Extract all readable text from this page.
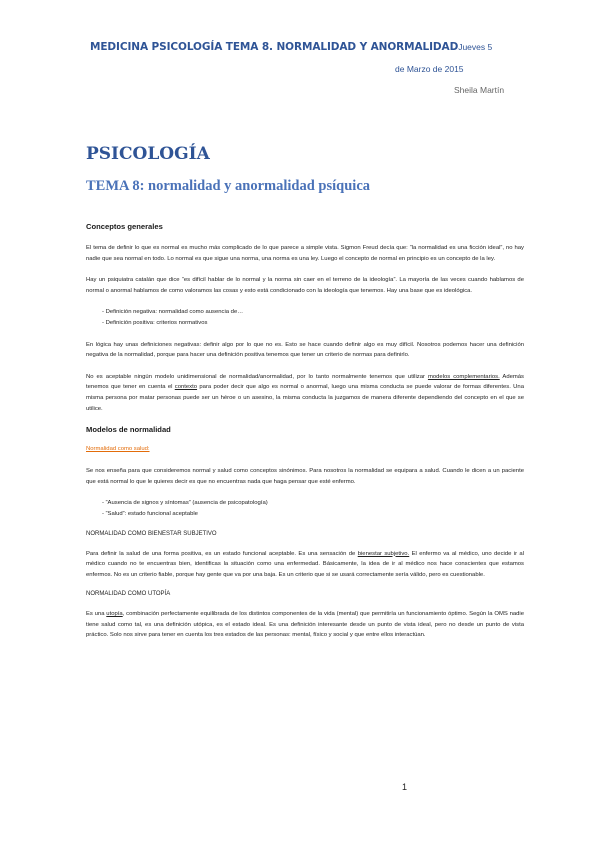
MEDICINA PSICOLOGÍA TEMA 8. NORMALIDAD Y ANORMALIDADJueves 5
de Marzo de 2015
Sheila Martín
PSICOLOGÍA
TEMA 8: normalidad y anormalidad psíquica
Conceptos generales

El tema de definir lo que es normal es mucho más complicado de lo que parece a simple vista. Sigmon Freud decía que: “la normalidad es una ficción ideal”, no hay nadie que sea normal en todo. Lo normal es que sigue una norma, una norma es una ley. Luego el concepto de normal en principio es un concepto de la ley.

Hay un psiquiatra catalán que dice “es difícil hablar de lo normal y la norma sin caer en el terreno de la ideología”. La mayoría de las veces cuando hablamos de normal o anormal hablamos de como valoramos las cosas y esto está condicionado con la ideología que tenemos. Hay una base que es ideológica.

- Definición negativa: normalidad como ausencia de…
- Definición positiva: criterios normativos

En lógica hay unas definiciones negativas: definir algo por lo que no es. Esto se hace cuando definir algo es muy difícil. Nosotros podemos hacer una definición negativa de la normalidad, porque para hacer una definición positiva tenemos que tener un criterio de normas para definirlo.

No es aceptable ningún modelo unidimensional de normalidad/anormalidad, por lo tanto normalmente tenemos que utilizar modelos complementarios. Además tenemos que tener en cuenta el contexto para poder decir que algo es normal o anormal, luego una misma conducta se puede valorar de formas diferentes. Una misma persona por matar personas puede ser un héroe o un asesino, la misma conducta la juzgamos de manera diferente dependiendo del concepto en el que se utilice.

Modelos de normalidad
Normalidad como salud:

Se nos enseña para que consideremos normal y salud como conceptos sinónimos. Para nosotros la normalidad se equipara a salud. Cuando le dicen a un paciente que está normal lo que le quieres decir es que no encuentras nada que haga pensar que esté enfermo.

- “Ausencia de signos y síntomas” (ausencia de psicopatología)
- “Salud”: estado funcional aceptable
NORMALIDAD COMO BIENESTAR SUBJETIVO

Para definir la salud de una forma positiva, es un estado funcional aceptable. Es una sensación de bienestar subjetivo. El enfermo va al médico, uno decide ir al médico cuando no te encuentras bien, identificas la situación como una enfermedad. Básicamente, la idea de ir al médico nos hace conscientes que estamos enfermos. No es un criterio fiable, porque hay gente que va por una baja. Es un criterio que si se usará correctamente sería válido, pero es cuestionable.

NORMALIDAD COMO UTOPÍA

Es una utopía, combinación perfectamente equilibrada de los distintos componentes de la vida (mental) que permitiría un funcionamiento óptimo. Según la OMS nadie tiene salud como tal, es una definición utópica, es el estado ideal. Es una definición interesante desde un punto de vista ideal, pero no desde un punto de vista práctico. Solo nos sirve para tener en cuenta los tres estados de las personas: mental, físico y social y que entre ellos interactúan.

1
